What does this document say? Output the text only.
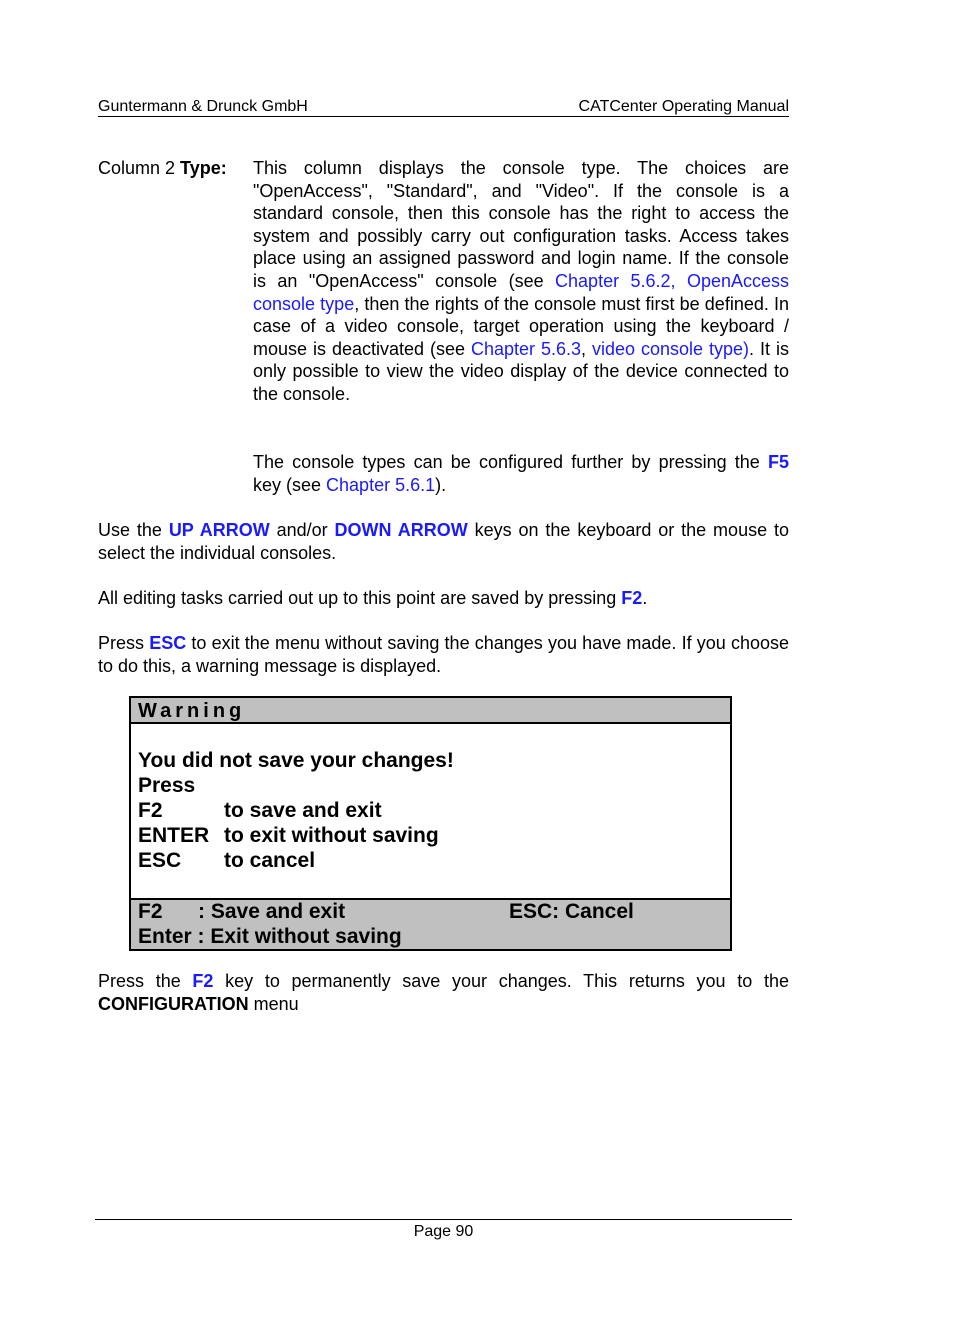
Guntermann & Drunck GmbH	CATCenter Operating Manual
Column 2 Type: This column displays the console type. The choices are "OpenAccess", "Standard", and "Video". If the console is a standard console, then this console has the right to access the system and possibly carry out configuration tasks. Access takes place using an assigned password and login name. If the console is an "OpenAccess" console (see Chapter 5.6.2, OpenAccess console type, then the rights of the console must first be defined. In case of a video console, target operation using the keyboard / mouse is deactivated (see Chapter 5.6.3, video console type). It is only possible to view the video display of the device connected to the console.
The console types can be configured further by pressing the F5 key (see Chapter 5.6.1).
Use the UP ARROW and/or DOWN ARROW keys on the keyboard or the mouse to select the individual consoles.
All editing tasks carried out up to this point are saved by pressing F2.
Press ESC to exit the menu without saving the changes you have made. If you choose to do this, a warning message is displayed.
Warning
You did not save your changes!
Press
F2	to save and exit
ENTER to exit without saving
ESC to cancel
F2 : Save and exit	ESC: Cancel
Enter : Exit without saving
Press the F2 key to permanently save your changes. This returns you to the CONFIGURATION menu
Page 90
